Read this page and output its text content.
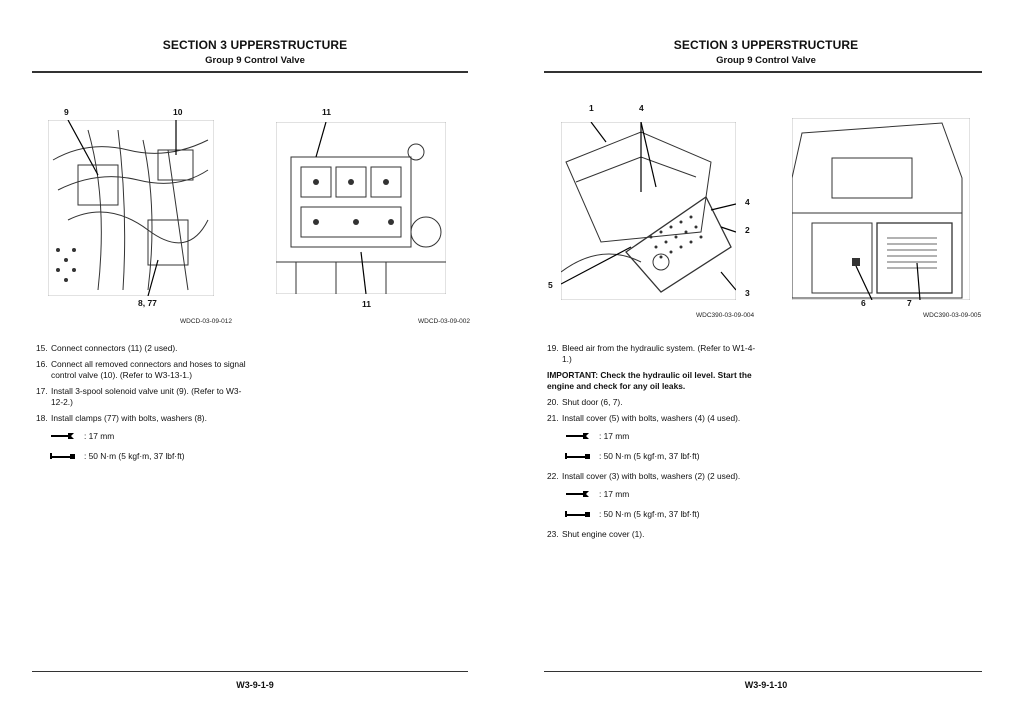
SECTION 3 UPPERSTRUCTURE
Group 9 Control Valve
9	10
8, 77
WDCD-03-09-012
11
11
WDCD-03-09-002
15. Connect connectors (11) (2 used).
16. Connect all removed connectors and hoses to signal control valve (10). (Refer to W3-13-1.)
17. Install 3-spool solenoid valve unit (9). (Refer to W3-12-2.)
18. Install clamps (77) with bolts, washers (8).
: 17 mm
: 50 N·m (5 kgf·m, 37 lbf·ft)
W3-9-1-9
SECTION 3 UPPERSTRUCTURE
Group 9 Control Valve
1	4
4
2
5
3
WDC390-03-09-004
6	7
WDC390-03-09-005
19. Bleed air from the hydraulic system. (Refer to W1-4-1.)
IMPORTANT: Check the hydraulic oil level. Start the engine and check for any oil leaks.
20. Shut door (6, 7).
21. Install cover (5) with bolts, washers (4) (4 used).
: 17 mm
: 50 N·m (5 kgf·m, 37 lbf·ft)
22. Install cover (3) with bolts, washers (2) (2 used).
: 17 mm
: 50 N·m (5 kgf·m, 37 lbf·ft)
23. Shut engine cover (1).
W3-9-1-10
